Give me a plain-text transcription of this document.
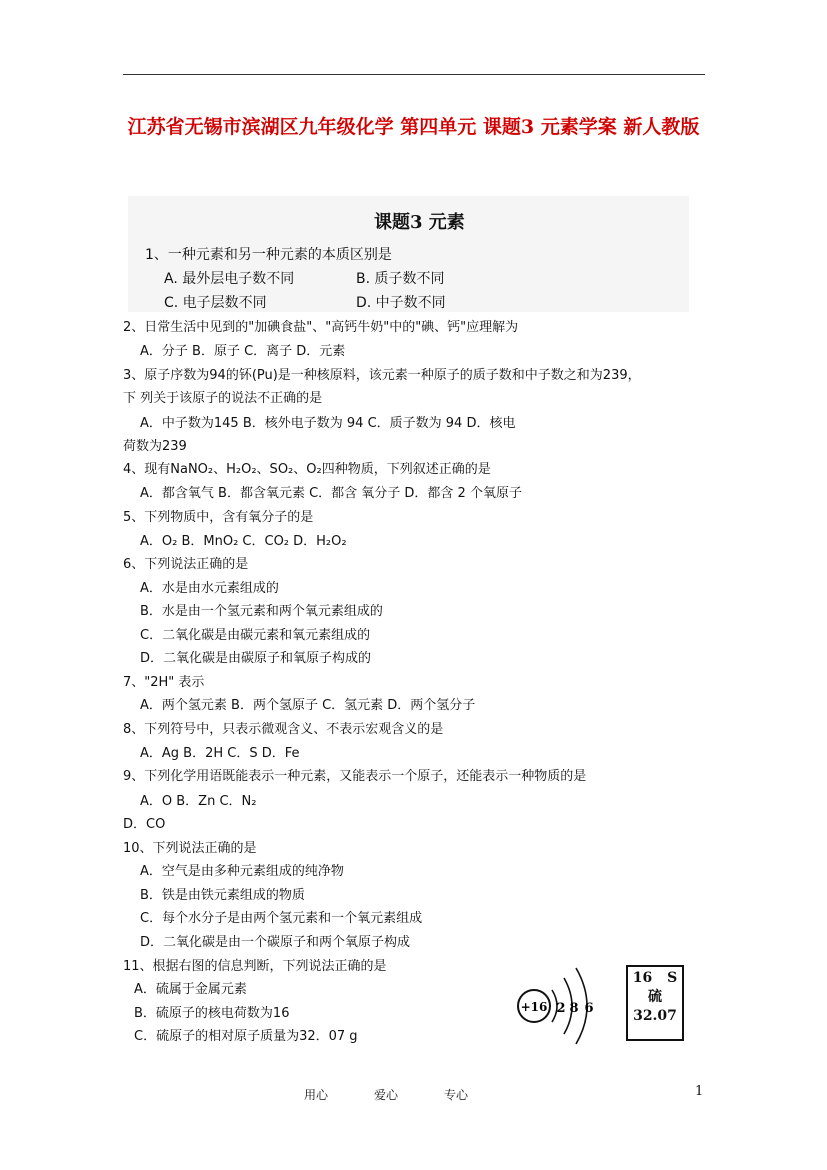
江苏省无锡市滨湖区九年级化学 第四单元 课题3 元素学案 新人教版
课题3 元素
1、一种元素和另一种元素的本质区别是
A. 最外层电子数不同	B. 质子数不同
C. 电子层数不同	D. 中子数不同
2、日常生活中见到的"加碘食盐"、"高钙牛奶"中的"碘、钙"应理解为
A．分子 B．原子 C．离子 D．元素
3、原子序数为94的钚(Pu)是一种核原料，该元素一种原子的质子数和中子数之和为239，
下 列关于该原子的说法不正确的是
A．中子数为145 B．核外电子数为 94 C．质子数为 94 D．核电
荷数为239
4、现有NaNO₂、H₂O₂、SO₂、O₂四种物质，下列叙述正确的是
A．都含氧气 B．都含氧元素 C．都含 氧分子 D．都含 2 个氧原子
5、下列物质中，含有氧分子的是
A．O₂ B．MnO₂ C．CO₂ D．H₂O₂
6、下列说法正确的是
A．水是由水元素组成的
B．水是由一个氢元素和两个氧元素组成的
C．二氧化碳是由碳元素和氧元素组成的
D．二氧化碳是由碳原子和氧原子构成的
7、"2H" 表示
A．两个氢元素 B．两个氢原子 C．氢元素 D．两个氢分子
8、下列符号中，只表示微观含义、不表示宏观含义的是
A．Ag B．2H C．S D．Fe
9、下列化学用语既能表示一种元素，又能表示一个原子，还能表示一种物质的是
A．O B．Zn C．N₂
D．CO
10、下列说法正确的是
A．空气是由多种元素组成的纯净物
B．铁是由铁元素组成的物质
C．每个水分子是由两个氢元素和一个氧元素组成
D．二氧化碳是由一个碳原子和两个氧原子构成
11、根据右图的信息判断，下列说法正确的是
A．硫属于金属元素
B．硫原子的核电荷数为16
C．硫原子的相对原子质量为32．07 g
+16 2 8 6
16 S
硫
32.07
用心	爱心	专心	1
